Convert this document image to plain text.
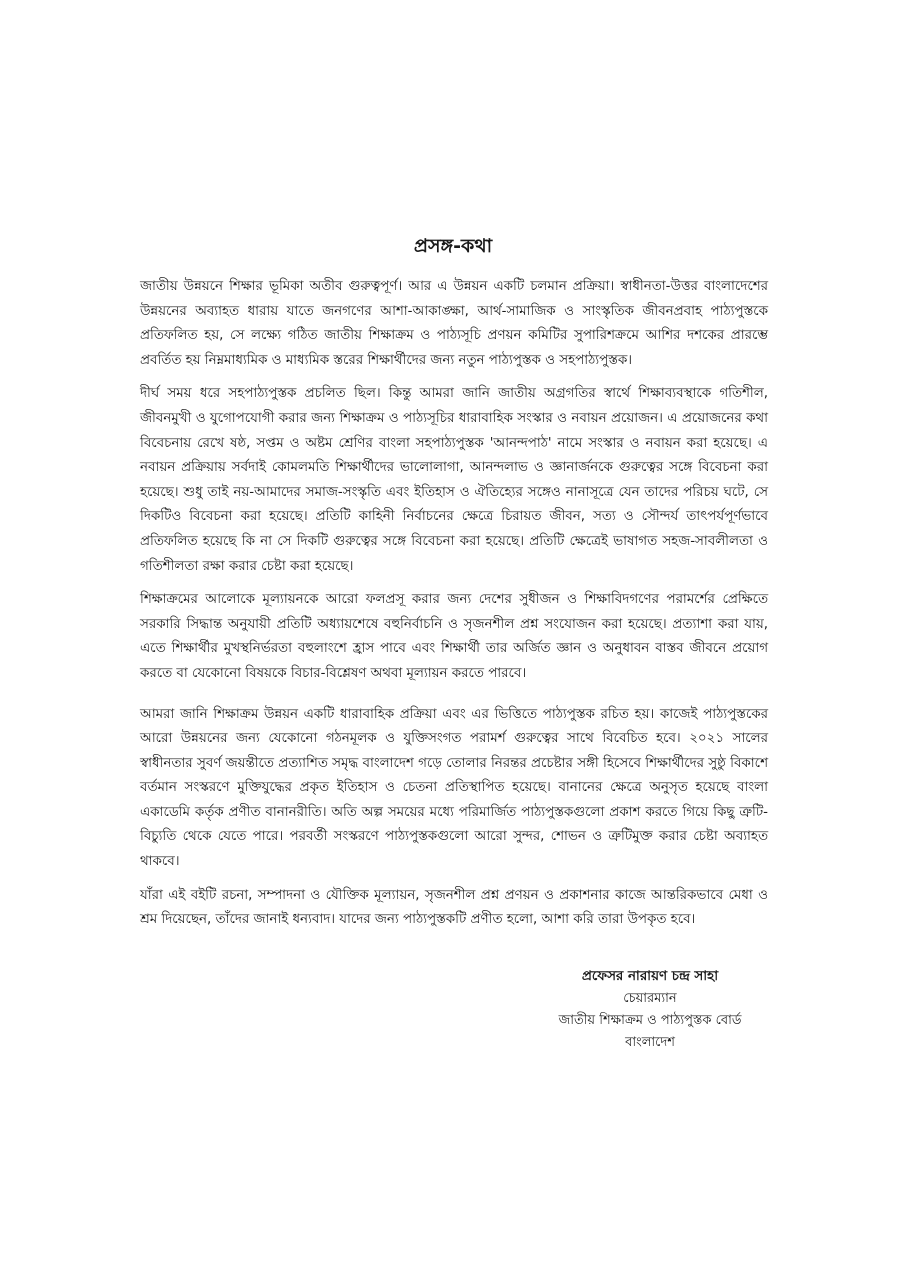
প্রসঙ্গ-কথা

জাতীয় উন্নয়নে শিক্ষার ভূমিকা অতীব গুরুত্বপূর্ণ। আর এ উন্নয়ন একটি চলমান প্রক্রিয়া। স্বাধীনতা-উত্তর বাংলাদেশের উন্নয়নের অব্যাহত ধারায় যাতে জনগণের আশা-আকাঙ্ক্ষা, আর্থ-সামাজিক ও সাংস্কৃতিক জীবনপ্রবাহ পাঠ্যপুস্তকে প্রতিফলিত হয়, সে লক্ষ্যে গঠিত জাতীয় শিক্ষাক্রম ও পাঠ্যসূচি প্রণয়ন কমিটির সুপারিশক্রমে আশির দশকের প্রারম্ভে প্রবর্তিত হয় নিম্নমাধ্যমিক ও মাধ্যমিক স্তরের শিক্ষার্থীদের জন্য নতুন পাঠ্যপুস্তক ও সহপাঠ্যপুস্তক।

দীর্ঘ সময় ধরে সহপাঠ্যপুস্তক প্রচলিত ছিল। কিন্তু আমরা জানি জাতীয় অগ্রগতির স্বার্থে শিক্ষাব্যবস্থাকে গতিশীল, জীবনমুখী ও যুগোপযোগী করার জন্য শিক্ষাক্রম ও পাঠ্যসূচির ধারাবাহিক সংস্কার ও নবায়ন প্রয়োজন। এ প্রয়োজনের কথা বিবেচনায় রেখে ষষ্ঠ, সপ্তম ও অষ্টম শ্রেণির বাংলা সহপাঠ্যপুস্তক 'আনন্দপাঠ' নামে সংস্কার ও নবায়ন করা হয়েছে। এ নবায়ন প্রক্রিয়ায় সর্বদাই কোমলমতি শিক্ষার্থীদের ভালোলাগা, আনন্দলাভ ও জ্ঞানার্জনকে গুরুত্বের সঙ্গে বিবেচনা করা হয়েছে। শুধু তাই নয়-আমাদের সমাজ-সংস্কৃতি এবং ইতিহাস ও ঐতিহ্যের সঙ্গেও নানাসূত্রে যেন তাদের পরিচয় ঘটে, সে দিকটিও বিবেচনা করা হয়েছে। প্রতিটি কাহিনী নির্বাচনের ক্ষেত্রে চিরায়ত জীবন, সত্য ও সৌন্দর্য তাৎপর্যপূর্ণভাবে প্রতিফলিত হয়েছে কি না সে দিকটি গুরুত্বের সঙ্গে বিবেচনা করা হয়েছে। প্রতিটি ক্ষেত্রেই ভাষাগত সহজ-সাবলীলতা ও গতিশীলতা রক্ষা করার চেষ্টা করা হয়েছে।

শিক্ষাক্রমের আলোকে মূল্যায়নকে আরো ফলপ্রসূ করার জন্য দেশের সুধীজন ও শিক্ষাবিদগণের পরামর্শের প্রেক্ষিতে সরকারি সিদ্ধান্ত অনুযায়ী প্রতিটি অধ্যায়শেষে বহুনির্বাচনি ও সৃজনশীল প্রশ্ন সংযোজন করা হয়েছে। প্রত্যাশা করা যায়, এতে শিক্ষার্থীর মুখস্থনির্ভরতা বহুলাংশে হ্রাস পাবে এবং শিক্ষার্থী তার অর্জিত জ্ঞান ও অনুধাবন বাস্তব জীবনে প্রয়োগ করতে বা যেকোনো বিষয়কে বিচার-বিশ্লেষণ অথবা মূল্যায়ন করতে পারবে।

আমরা জানি শিক্ষাক্রম উন্নয়ন একটি ধারাবাহিক প্রক্রিয়া এবং এর ভিত্তিতে পাঠ্যপুস্তক রচিত হয়। কাজেই পাঠ্যপুস্তকের আরো উন্নয়নের জন্য যেকোনো গঠনমূলক ও যুক্তিসংগত পরামর্শ গুরুত্বের সাথে বিবেচিত হবে। ২০২১ সালের স্বাধীনতার সুবর্ণ জয়ন্তীতে প্রত্যাশিত সমৃদ্ধ বাংলাদেশ গড়ে তোলার নিরন্তর প্রচেষ্টার সঙ্গী হিসেবে শিক্ষার্থীদের সুষ্ঠু বিকাশে বর্তমান সংস্করণে মুক্তিযুদ্ধের প্রকৃত ইতিহাস ও চেতনা প্রতিস্থাপিত হয়েছে। বানানের ক্ষেত্রে অনুসৃত হয়েছে বাংলা একাডেমি কর্তৃক প্রণীত বানানরীতি। অতি অল্প সময়ের মধ্যে পরিমার্জিত পাঠ্যপুস্তকগুলো প্রকাশ করতে গিয়ে কিছু ত্রুটি-বিচ্যুতি থেকে যেতে পারে। পরবর্তী সংস্করণে পাঠ্যপুস্তকগুলো আরো সুন্দর, শোভন ও ত্রুটিমুক্ত করার চেষ্টা অব্যাহত থাকবে।

যাঁরা এই বইটি রচনা, সম্পাদনা ও যৌক্তিক মূল্যায়ন, সৃজনশীল প্রশ্ন প্রণয়ন ও প্রকাশনার কাজে আন্তরিকভাবে মেধা ও শ্রম দিয়েছেন, তাঁদের জানাই ধন্যবাদ। যাদের জন্য পাঠ্যপুস্তকটি প্রণীত হলো, আশা করি তারা উপকৃত হবে।

প্রফেসর নারায়ণ চন্দ্র সাহা
চেয়ারম্যান
জাতীয় শিক্ষাক্রম ও পাঠ্যপুস্তক বোর্ড
বাংলাদেশ
